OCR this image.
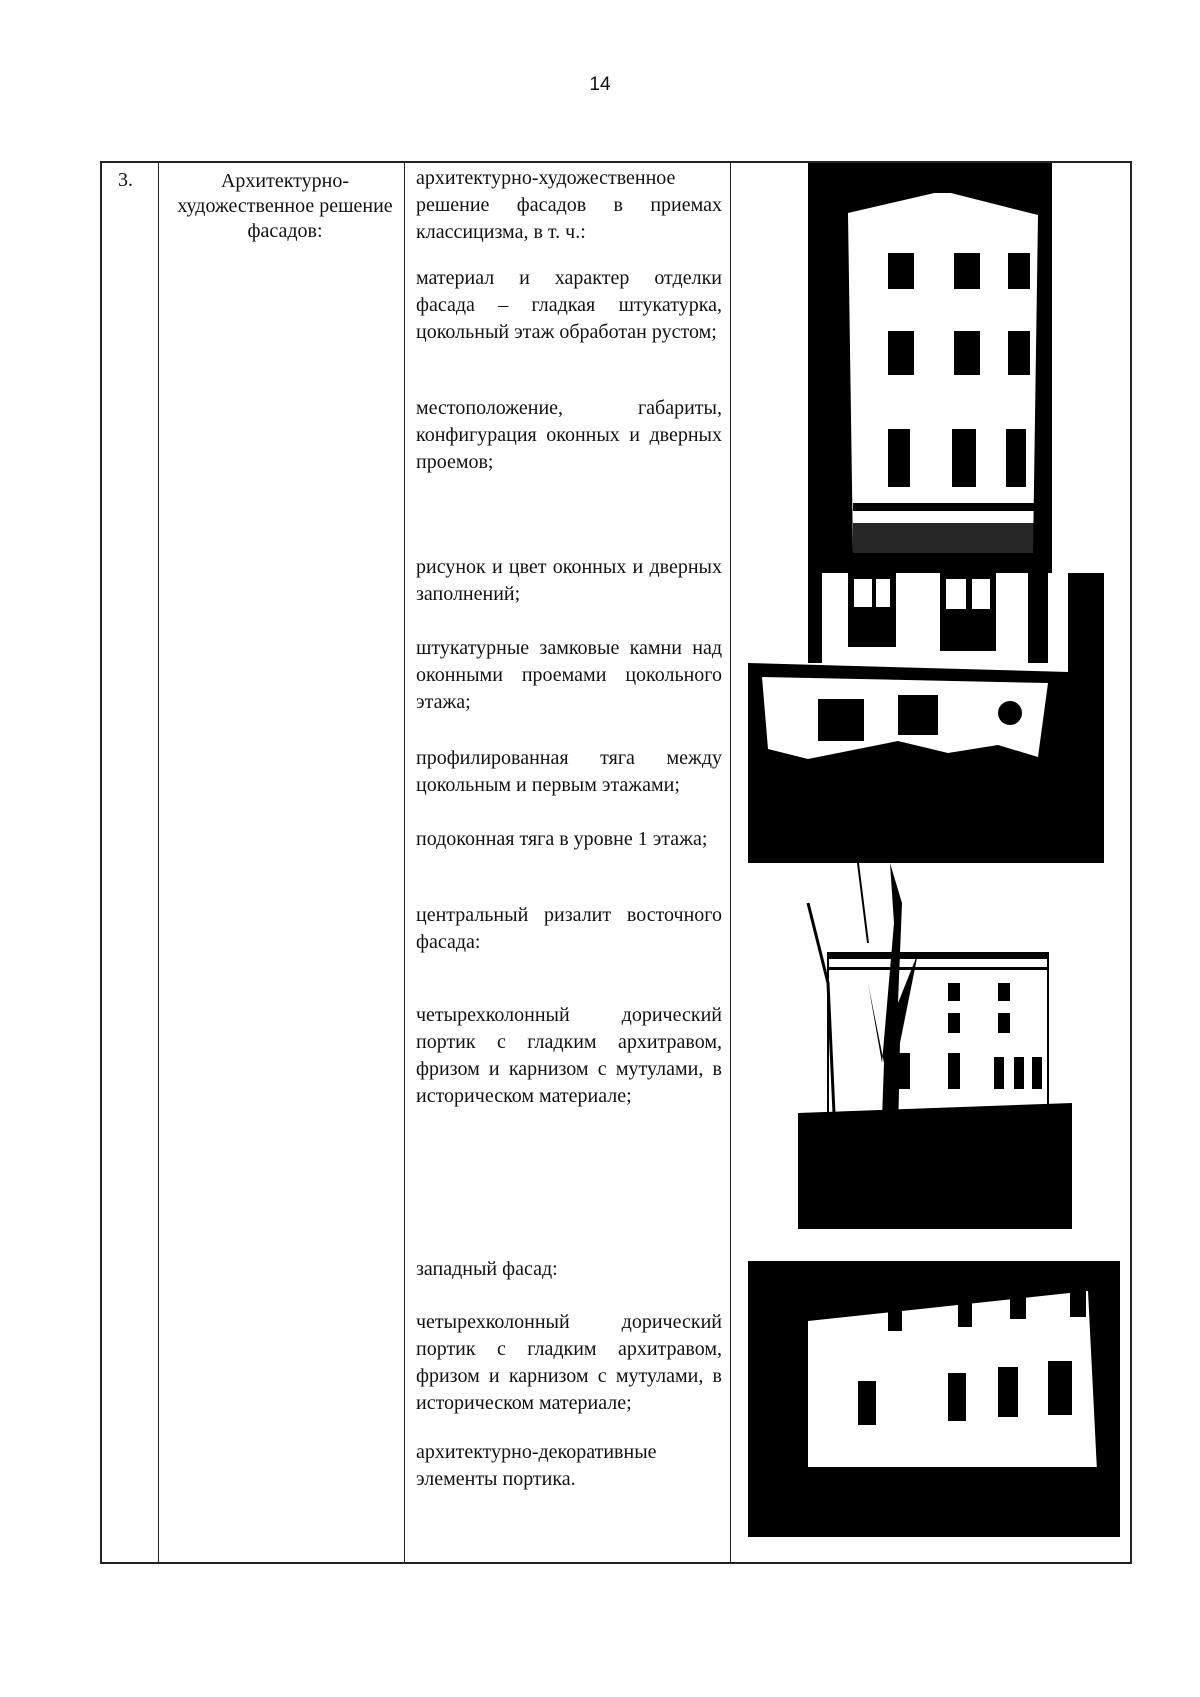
14
3.	Архитектурно-художественное решение фасадов:

архитектурно-художественное решение фасадов в приемах классицизма, в т. ч.:

материал и характер отделки фасада – гладкая штукатурка, цокольный этаж обработан рустом;

местоположение, габариты, конфигурация оконных и дверных проемов;

рисунок и цвет оконных и дверных заполнений;

штукатурные замковые камни над оконными проемами цокольного этажа;

профилированная тяга между цокольным и первым этажами;

подоконная тяга в уровне 1 этажа;

центральный ризалит восточного фасада:

четырехколонный дорический портик с гладким архитравом, фризом и карнизом с мутулами, в историческом материале;

западный фасад:

четырехколонный дорический портик с гладким архитравом, фризом и карнизом с мутулами, в историческом материале;

архитектурно-декоративные элементы портика.
